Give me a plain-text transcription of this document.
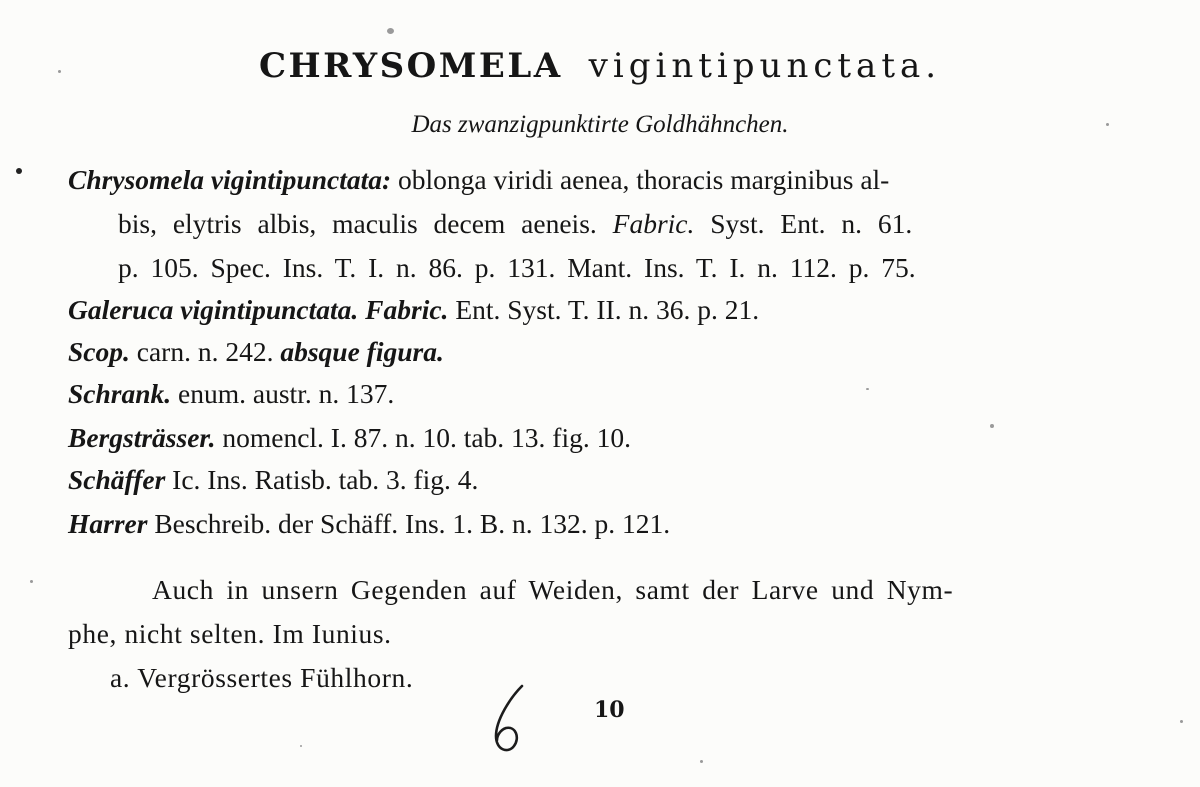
CHRYSOMELA vigintipunctata.
Das zwanzigpunktirte Goldhähnchen.
Chrysomela vigintipunctata: oblonga viridi aenea, thoracis marginibus al-
bis, elytris albis, maculis decem aeneis. Fabric. Syst. Ent. n. 61.
p. 105. Spec. Ins. T. I. n. 86. p. 131. Mant. Ins. T. I. n. 112. p. 75.
Galeruca vigintipunctata. Fabric. Ent. Syst. T. II. n. 36. p. 21.
Scop. carn. n. 242. absque figura.
Schrank. enum. austr. n. 137.
Bergsträsser. nomencl. I. 87. n. 10. tab. 13. fig. 10.
Schäffer Ic. Ins. Ratisb. tab. 3. fig. 4.
Harrer Beschreib. der Schäff. Ins. 1. B. n. 132. p. 121.
Auch in unsern Gegenden auf Weiden, samt der Larve und Nym-
phe, nicht selten. Im Iunius.
a. Vergrössertes Fühlhorn.	6
10
